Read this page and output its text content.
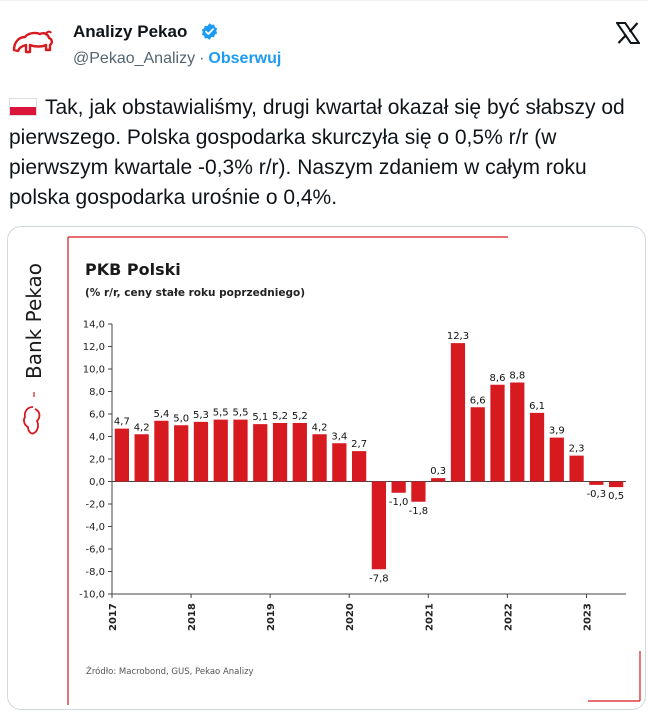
Analizy Pekao
@Pekao_Analizy · Obserwuj
Tak, jak obstawialiśmy, drugi kwartał okazał się być słabszy od pierwszego. Polska gospodarka skurczyła się o 0,5% r/r (w pierwszym kwartale -0,3% r/r). Naszym zdaniem w całym roku polska gospodarka urośnie o 0,4%.
Bank Pekao PKB Polski
(% r/r, ceny stałe roku poprzedniego)
14,0
12,0
10,0
8,0
6,0
4,0
2,0
0,0
-2,0
-4,0
-6,0
-8,0
-10,0
2017	2018	2019	2020	2021	2022	2023
4,7
4,2
5,4 5,0 5,3 5,5 5,5 5,1 5,2 5,2
4,2
3,4
2,7
-7,8
-1,0
-1,8
0,3
12,3
6,6
8,6 8,8
6,1
3,9
2,3
-0,3 0,5
Źródło: Macrobond, GUS, Pekao Analizy
